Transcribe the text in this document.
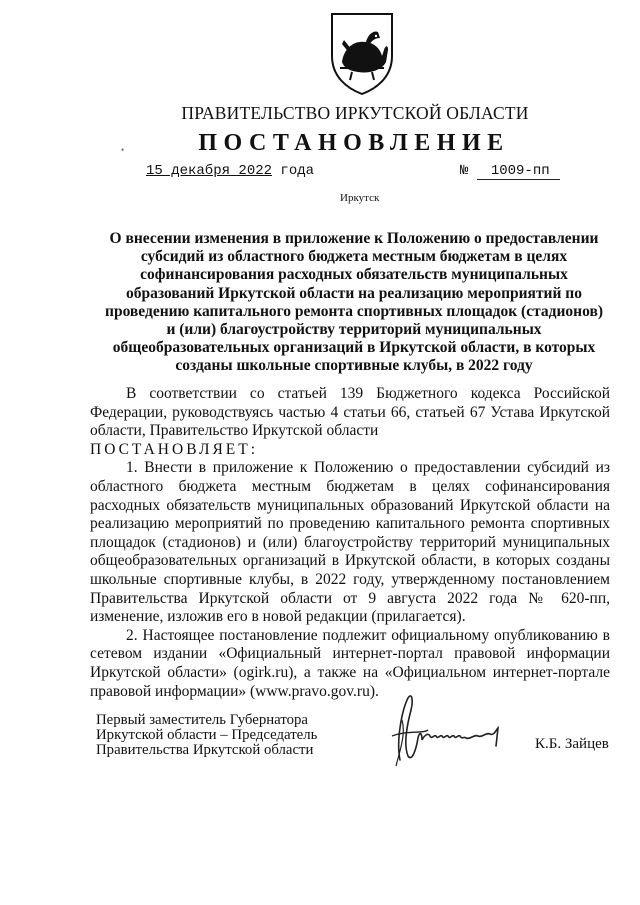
ПРАВИТЕЛЬСТВО ИРКУТСКОЙ ОБЛАСТИ
•	ПОСТАНОВЛЕНИЕ
15 декабря 2022 года	№ 1009-пп
Иркутск
О внесении изменения в приложение к Положению о предоставлении субсидий из областного бюджета местным бюджетам в целях софинансирования расходных обязательств муниципальных образований Иркутской области на реализацию мероприятий по проведению капитального ремонта спортивных площадок (стадионов) и (или) благоустройству территорий муниципальных общеобразовательных организаций в Иркутской области, в которых созданы школьные спортивные клубы, в 2022 году

В соответствии со статьей 139 Бюджетного кодекса Российской Федерации, руководствуясь частью 4 статьи 66, статьей 67 Устава Иркутской области, Правительство Иркутской области

ПОСТАНОВЛЯЕТ:

1. Внести в приложение к Положению о предоставлении субсидий из областного бюджета местным бюджетам в целях софинансирования расходных обязательств муниципальных образований Иркутской области на реализацию мероприятий по проведению капитального ремонта спортивных площадок (стадионов) и (или) благоустройству территорий муниципальных общеобразовательных организаций в Иркутской области, в которых созданы школьные спортивные клубы, в 2022 году, утвержденному постановлением Правительства Иркутской области от 9 августа 2022 года № 620-пп, изменение, изложив его в новой редакции (прилагается).

2. Настоящее постановление подлежит официальному опубликованию в сетевом издании «Официальный интернет-портал правовой информации Иркутской области» (ogirk.ru), а также на «Официальном интернет-портале правовой информации» (www.pravo.gov.ru).

Первый заместитель Губернатора
Иркутской области – Председатель
Правительства Иркутской области	К.Б. Зайцев
